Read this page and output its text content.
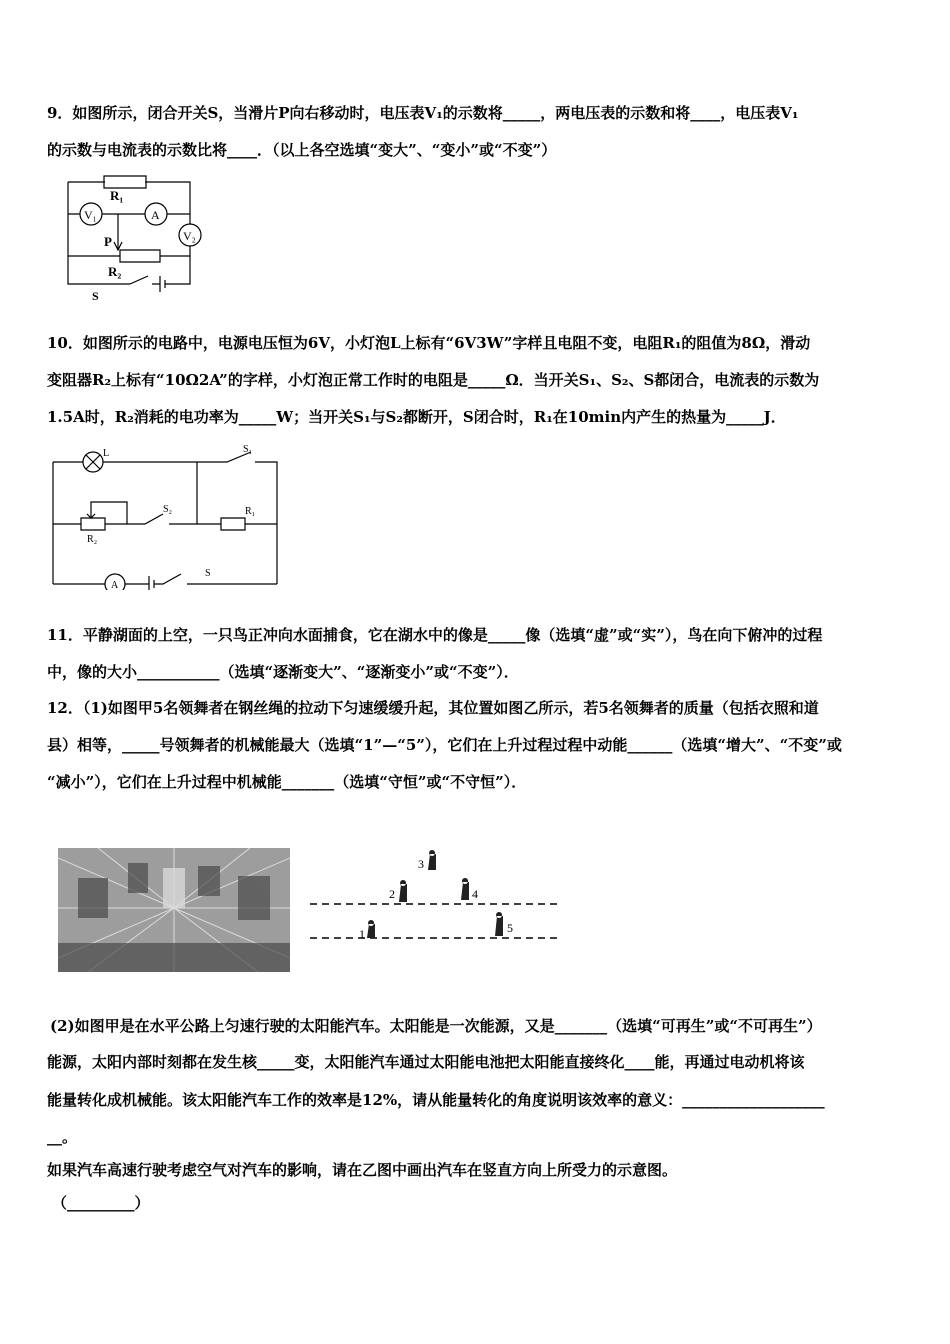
9．如图所示，闭合开关S，当滑片P向右移动时，电压表V₁的示数将_____，两电压表的示数和将____，电压表V₁
的示数与电流表的示数比将____．（以上各空选填“变大”、“变小”或“不变”）
R₁
V₁	A
V₂
P
R₂
S
10．如图所示的电路中，电源电压恒为6V，小灯泡L上标有“6V3W”字样且电阻不变，电阻R₁的阻值为8Ω，滑动
变阻器R₂上标有“10Ω2A”的字样，小灯泡正常工作时的电阻是_____Ω．当开关S₁、S₂、S都闭合，电流表的示数为
1.5A时，R₂消耗的电功率为_____W；当开关S₁与S₂都断开，S闭合时，R₁在10min内产生的热量为_____J．
L	S₁
S₂	R₁
R₂
A
S
11．平静湖面的上空，一只鸟正冲向水面捕食，它在湖水中的像是_____像（选填“虚”或“实”），鸟在向下俯冲的过程
中，像的大小___________（选填“逐渐变大”、“逐渐变小”或“不变”）．
12．（1)如图甲5名领舞者在钢丝绳的拉动下匀速缓缓升起，其位置如图乙所示，若5名领舞者的质量（包括衣照和道
县）相等，_____号领舞者的机械能最大（选填“1”—“5”），它们在上升过程过程中动能______（选填“增大”、“不变”或
“减小”），它们在上升过程中机械能_______（选填“守恒”或“不守恒”）．
1
2
3
4
5
(2)如图甲是在水平公路上匀速行驶的太阳能汽车。太阳能是一次能源，又是_______（选填“可再生”或“不可再生”）
能源，太阳内部时刻都在发生核_____变，太阳能汽车通过太阳能电池把太阳能直接终化____能，再通过电动机将该
能量转化成机械能。该太阳能汽车工作的效率是12%，请从能量转化的角度说明该效率的意义：___________________
__。
如果汽车高速行驶考虑空气对汽车的影响，请在乙图中画出汽车在竖直方向上所受力的示意图。
（_________）
